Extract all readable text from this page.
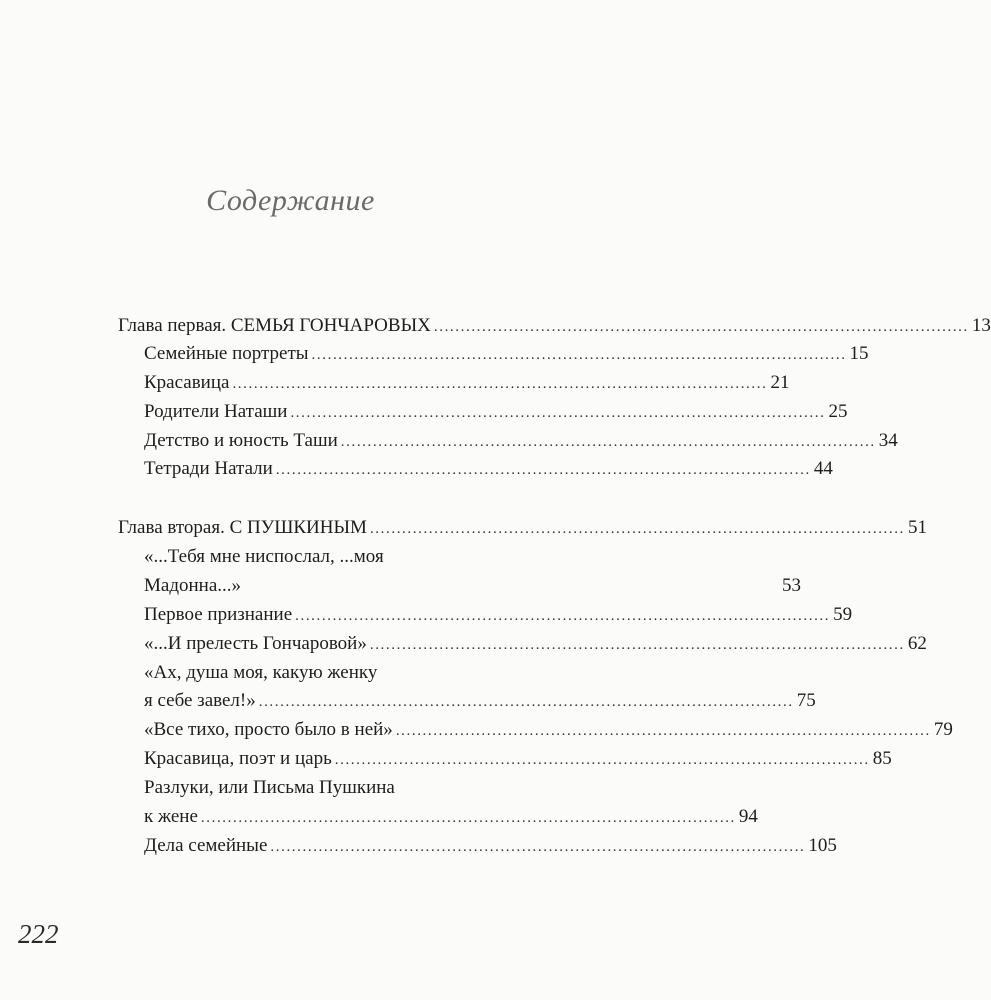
Содержание
Глава первая. СЕМЬЯ ГОНЧАРОВЫХ .................................................................................................... 13
Семейные портреты .................................................................................................... 15
Красавица .................................................................................................... 21
Родители Наташи .................................................................................................... 25
Детство и юность Таши .................................................................................................... 34
Тетради Натали .................................................................................................... 44
Глава вторая. С ПУШКИНЫМ .................................................................................................... 51
«...Тебя мне ниспослал, ...моя
Мадонна...»	53
Первое признание .................................................................................................... 59
«...И прелесть Гончаровой» .................................................................................................... 62
«Ах, душа моя, какую женку
я себе завел!» .................................................................................................... 75
«Все тихо, просто было в ней» .................................................................................................... 79
Красавица, поэт и царь .................................................................................................... 85
Разлуки, или Письма Пушкина
к жене .................................................................................................... 94
Дела семейные .................................................................................................... 105
222
